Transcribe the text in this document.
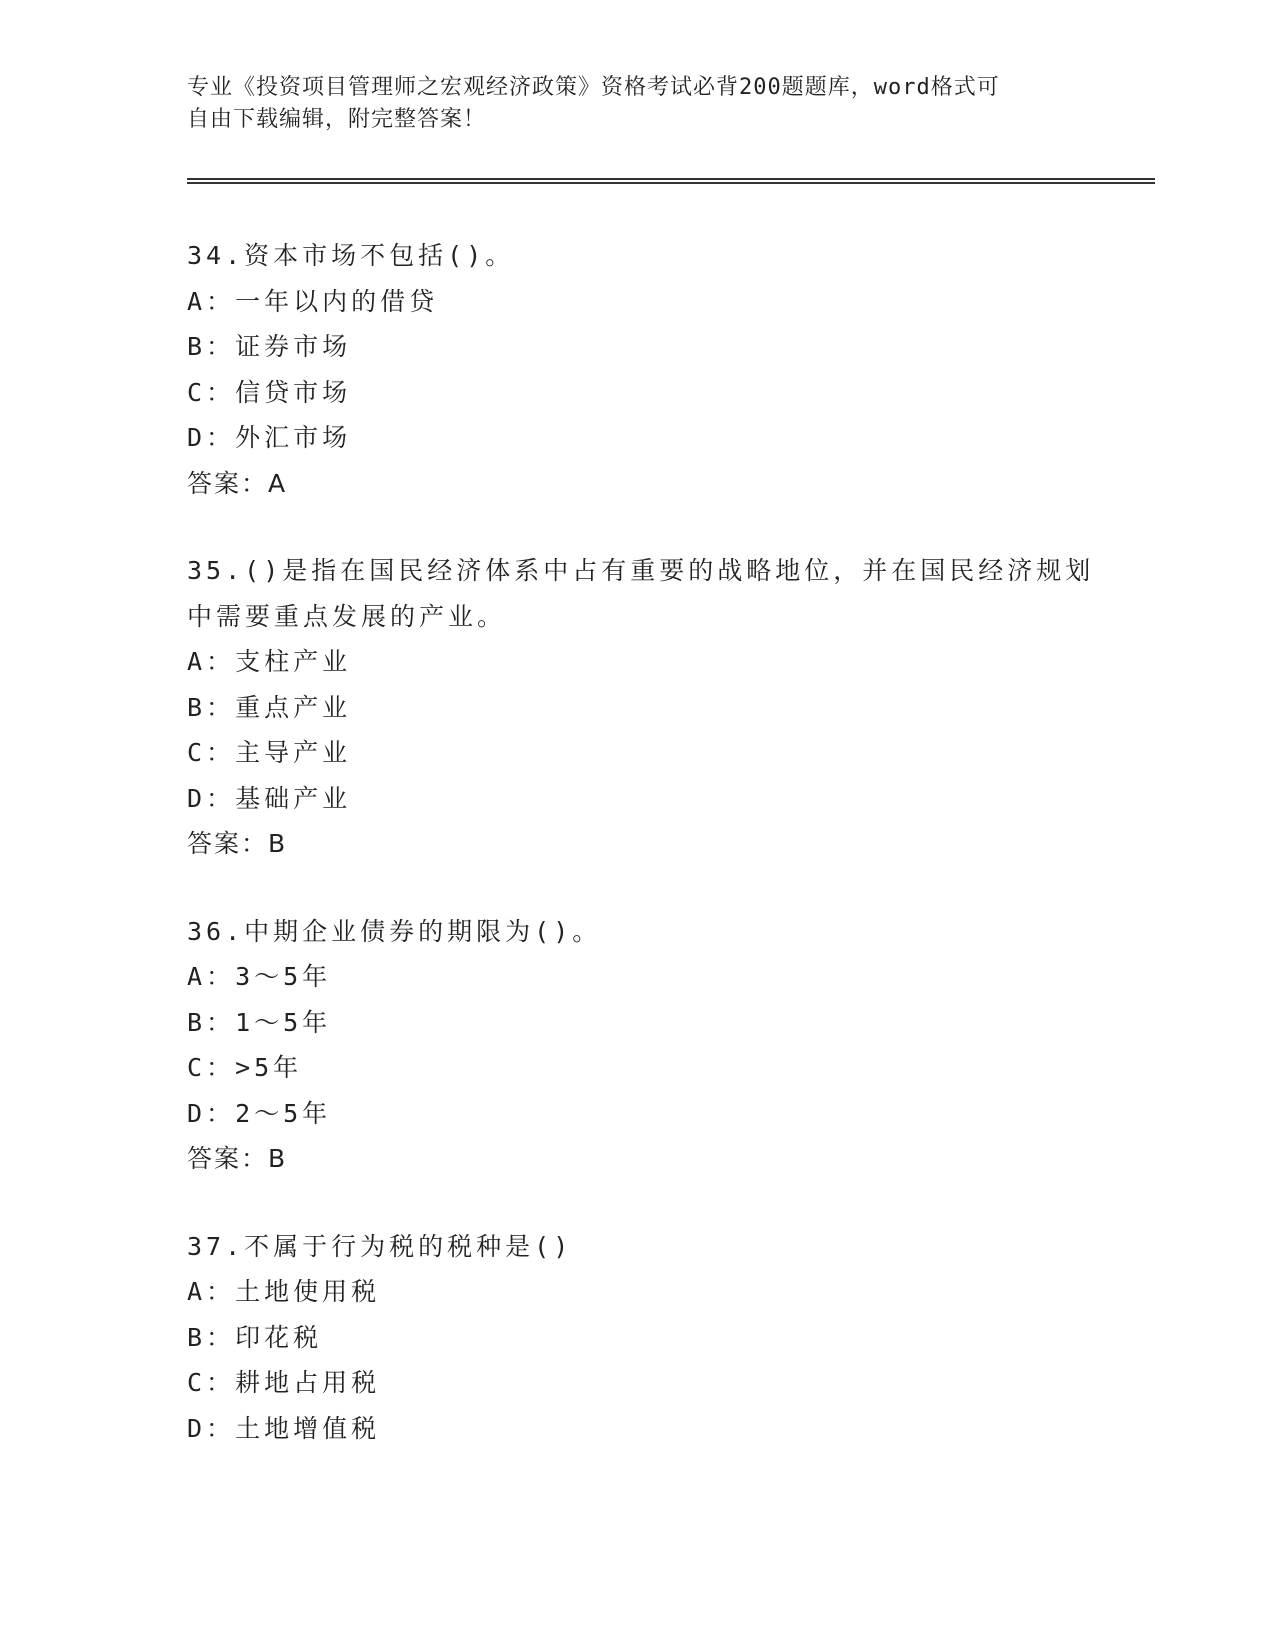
专业《投资项目管理师之宏观经济政策》资格考试必背200题题库，word格式可
自由下载编辑，附完整答案！
34.资本市场不包括()。
A：一年以内的借贷
B：证券市场
C：信贷市场
D：外汇市场
答案：A
35.()是指在国民经济体系中占有重要的战略地位，并在国民经济规划
中需要重点发展的产业。
A：支柱产业
B：重点产业
C：主导产业
D：基础产业
答案：B
36.中期企业债券的期限为()。
A：3～5年
B：1～5年
C：>5年
D：2～5年
答案：B
37.不属于行为税的税种是()
A：土地使用税
B：印花税
C：耕地占用税
D：土地增值税
